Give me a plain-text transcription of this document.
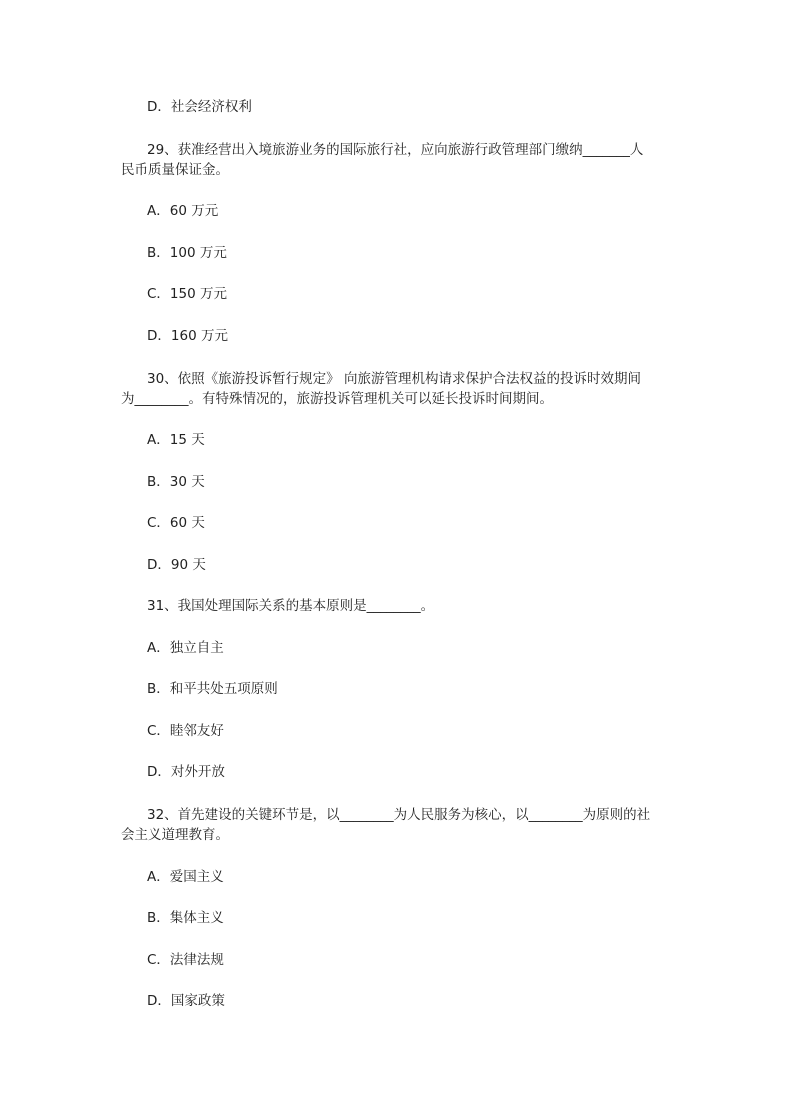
D．社会经济权利
29、获准经营出入境旅游业务的国际旅行社，应向旅游行政管理部门缴纳_______人
民币质量保证金。
A．60 万元
B．100 万元
C．150 万元
D．160 万元
30、依照《旅游投诉暂行规定》 向旅游管理机构请求保护合法权益的投诉时效期间
为________。有特殊情况的，旅游投诉管理机关可以延长投诉时间期间。
A．15 天
B．30 天
C．60 天
D．90 天
31、我国处理国际关系的基本原则是________。
A．独立自主
B．和平共处五项原则
C．睦邻友好
D．对外开放
32、首先建设的关键环节是，以________为人民服务为核心，以________为原则的社
会主义道理教育。
A．爱国主义
B．集体主义
C．法律法规
D．国家政策
